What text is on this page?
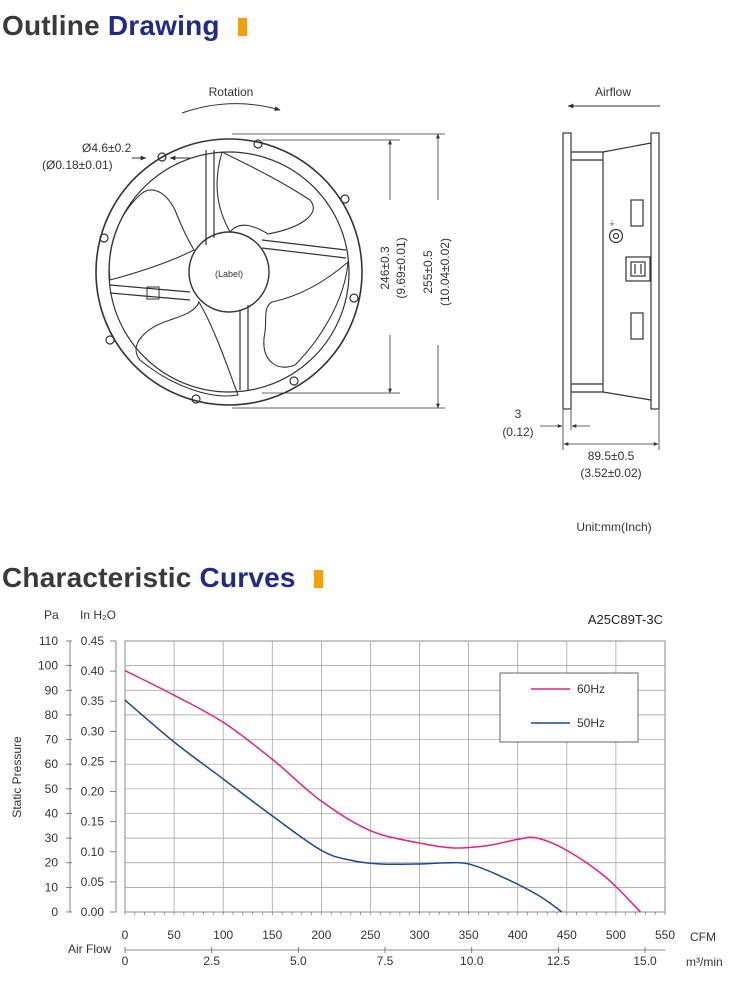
Outline Drawing
Rotation
(Label)
Ø4.6±0.2
(Ø0.18±0.01)
246±0.3 (9.69±0.01) 255±0.5 (10.04±0.02)
Airflow
⏚
3
(0.12)
89.5±0.5
(3.52±0.02)
Unit:mm(Inch)
Characteristic Curves
0	50	100 150 200 250 300 350 400 450 500 550
0
10
20
30
40
50
60
70
80
90
100
110
0.00
0.05
0.10
0.15
0.20
0.25
0.30
0.35
0.40
0.45
0	2.5	5.0	7.5	10.0	12.5	15.0
Pa In H₂O	A25C89T-3C
Static Pressure
Air Flow
CFM
m³/min
60Hz
50Hz
